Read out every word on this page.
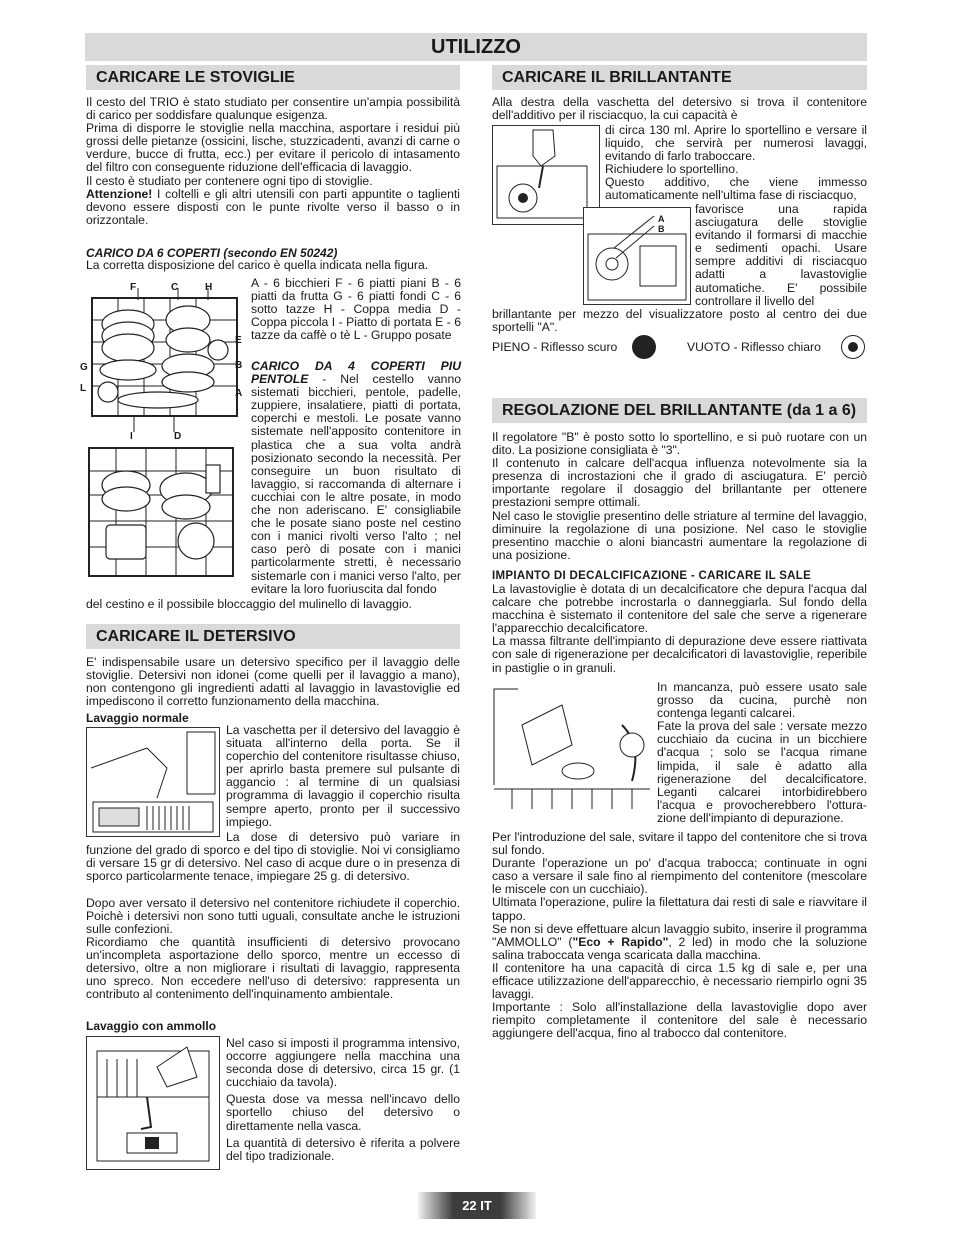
UTILIZZO
CARICARE LE STOVIGLIE

Il cesto del TRIO è stato studiato per consentire un'ampia possibilità di carico per soddisfare qualunque esigenza.

Prima di disporre le stoviglie nella macchina, asportare i residui più grossi delle pietanze (ossicini, lische, stuzzicadenti, avanzi di carne o verdure, bucce di frutta, ecc.) per evitare il pericolo di intasamento del filtro con conseguente riduzione dell'efficacia di lavaggio.

Il cesto è studiato per contenere ogni tipo di stoviglie.

Attenzione! I coltelli e gli altri utensili con parti appuntite o taglienti devono essere disposti con le punte rivolte verso il basso o in orizzontale.

CARICO DA 6 COPERTI (secondo EN 50242)
La corretta disposizione del carico è quella indicata nella figura.
F	C	H
E
G	B
L	A
I	D
A - 6 bicchieri F - 6 piatti piani B - 6 piatti da frutta G - 6 piatti fondi C - 6 sotto tazze H - Coppa media D - Coppa piccola I - Piatto di portata E - 6 tazze da caffè o tè L - Gruppo posate
CARICO DA 4 COPERTI PIU PENTOLE - Nel cestello vanno sistemati bicchieri, pentole, padelle, zuppiere, insalatiere, piatti di portata, coperchi e mestoli. Le posate vanno sistemate nell'apposito contenitore in plastica che a sua volta andrà posizionato secondo la necessità. Per conseguire un buon risultato di lavaggio, si raccomanda di alternare i cucchiai con le altre posate, in modo che non aderiscano. E' consigliabile che le posate siano poste nel cestino con i manici rivolti verso l'alto ; nel caso però di posate con i manici particolarmente stretti, è necessario sistemarle con i manici verso l'alto, per evitare la loro fuoriuscita dal fondo
del cestino e il possibile bloccaggio del mulinello di lavaggio.
CARICARE IL DETERSIVO
E' indispensabile usare un detersivo specifico per il lavaggio delle stoviglie. Detersivi non idonei (come quelli per il lavaggio a mano), non contengono gli ingredienti adatti al lavaggio in lavastoviglie ed impediscono il corretto funzionamento della macchina.
Lavaggio normale
La vaschetta per il detersivo del lavaggio è situata all'interno della porta. Se il coperchio del contenitore risultasse chiuso, per aprirlo basta premere sul pulsante di aggancio : al termine di un qualsiasi programma di lavaggio il coperchio risulta sempre aperto, pronto per il successivo impiego.
La dose di detersivo può variare in funzione del grado di sporco e del tipo di stoviglie. Noi vi consigliamo di versare 15 gr di detersivo. Nel caso di acque dure o in presenza di sporco particolarmente tenace, impiegare 25 g. di detersivo.
Dopo aver versato il detersivo nel contenitore richiudete il coperchio. Poichè i detersivi non sono tutti uguali, consultate anche le istruzioni sulle confezioni.
Ricordiamo che quantità insufficienti di detersivo provocano un'incompleta asportazione dello sporco, mentre un eccesso di detersivo, oltre a non migliorare i risultati di lavaggio, rappresenta uno spreco. Non eccedere nell'uso di detersivo: rappresenta un contributo al contenimento dell'inquinamento ambientale.
Lavaggio con ammollo

Nel caso si imposti il programma intensivo, occorre aggiungere nella macchina una seconda dose di detersivo, circa 15 gr. (1 cucchiaio da tavola).

Questa dose va messa nell'incavo dello sportello chiuso del detersivo o direttamente nella vasca.

La quantità di detersivo è riferita a polvere del tipo tradizionale.

CARICARE IL BRILLANTANTE
Alla destra della vaschetta del detersivo si trova il contenitore dell'additivo per il risciacquo, la cui capacità è

di circa 130 ml. Aprire lo sportellino e versare il liquido, che servirà per numerosi lavaggi, evitando di farlo traboccare.

Richiudere lo sportellino.

Questo additivo, che viene immesso automaticamente nell'ultima fase di risciacquo,

A
B
favorisce una rapida asciugatura delle stoviglie evitando il formarsi di macchie e sedimenti opachi. Usare sempre additivi di risciacquo adatti a lavastoviglie automatiche. E' possibile controllare il livello del
brillantante per mezzo del visualizzatore posto al centro dei due sportelli "A".
PIENO - Riflesso scuro	VUOTO - Riflesso chiaro
REGOLAZIONE DEL BRILLANTANTE (da 1 a 6)

Il regolatore "B" è posto sotto lo sportellino, e si può ruotare con un dito. La posizione consigliata è "3".

Il contenuto in calcare dell'acqua influenza notevolmente sia la presenza di incrostazioni che il grado di asciugatura. E' perciò importante regolare il dosaggio del brillantante per ottenere prestazioni sempre ottimali.

Nel caso le stoviglie presentino delle striature al termine del lavaggio, diminuire la regolazione di una posizione. Nel caso le stoviglie presentino macchie o aloni biancastri aumentare la regolazione di una posizione.

IMPIANTO DI DECALCIFICAZIONE - CARICARE IL SALE

La lavastoviglie è dotata di un decalcificatore che depura l'acqua dal calcare che potrebbe incrostarla o danneggiarla. Sul fondo della macchina è sistemato il contenitore del sale che serve a rigenerare l'apparecchio decalcificatore.

La massa filtrante dell'impianto di depurazione deve essere riattivata con sale di rigenerazione per decalcificatori di lavastoviglie, reperibile in pastiglie o in granuli.

In mancanza, può essere usato sale grosso da cucina, purchè non contenga leganti calcarei.

Fate la prova del sale : versate mezzo cucchiaio da cucina in un bicchiere d'acqua ; solo se l'acqua rimane limpida, il sale è adatto alla rigenerazione del decalcificatore. Leganti calcarei intorbidirebbero l'acqua e provocherebbero l'ottura-zione dell'impianto di depurazione.

Per l'introduzione del sale, svitare il tappo del contenitore che si trova sul fondo.

Durante l'operazione un po' d'acqua trabocca; continuate in ogni caso a versare il sale fino al riempimento del contenitore (mescolare le miscele con un cucchiaio).

Ultimata l'operazione, pulire la filettatura dai resti di sale e riavvitare il tappo.

Se non si deve effettuare alcun lavaggio subito, inserire il programma "AMMOLLO" ("Eco + Rapido", 2 led) in modo che la soluzione salina traboccata venga scaricata dalla macchina.

Il contenitore ha una capacità di circa 1.5 kg di sale e, per una efficace utilizzazione dell'apparecchio, è necessario riempirlo ogni 35 lavaggi.

Importante : Solo all'installazione della lavastoviglie dopo aver riempito completamente il contenitore del sale è necessario aggiungere dell'acqua, fino al trabocco dal contenitore.

22 IT
